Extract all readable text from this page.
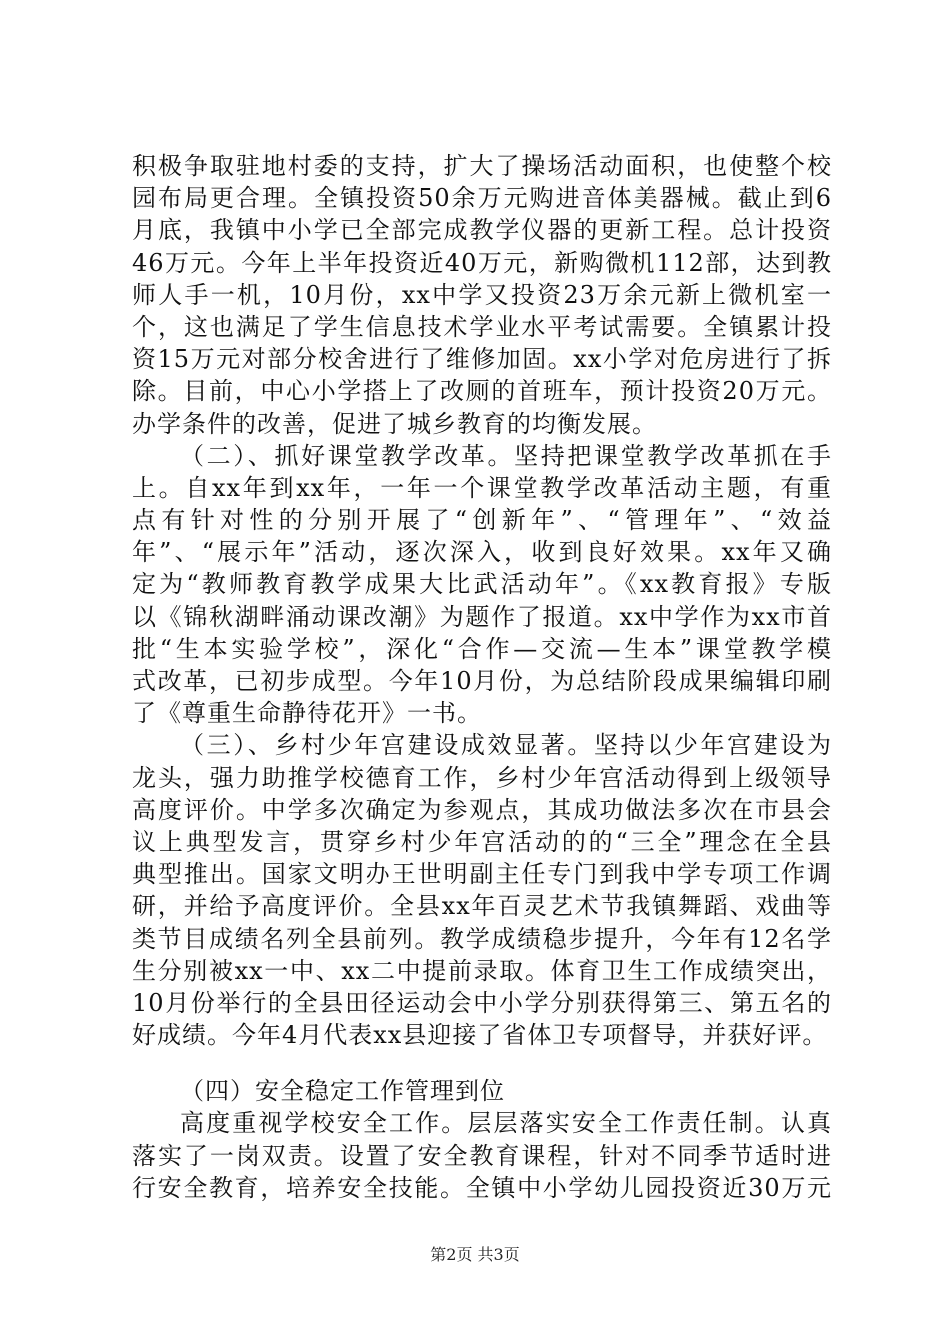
积极争取驻地村委的支持，扩大了操场活动面积，也使整个校
园布局更合理。全镇投资50余万元购进音体美器械。截止到6
月底，我镇中小学已全部完成教学仪器的更新工程。总计投资
46万元。今年上半年投资近40万元，新购微机112部，达到教
师人手一机，10月份，xx中学又投资23万余元新上微机室一
个，这也满足了学生信息技术学业水平考试需要。全镇累计投
资15万元对部分校舍进行了维修加固。xx小学对危房进行了拆
除。目前，中心小学搭上了改厕的首班车，预计投资20万元。
办学条件的改善，促进了城乡教育的均衡发展。
（二）、抓好课堂教学改革。坚持把课堂教学改革抓在手
上。自xx年到xx年，一年一个课堂教学改革活动主题，有重
点有针对性的分别开展了“创新年”、“管理年”、“效益
年”、“展示年”活动，逐次深入，收到良好效果。xx年又确
定为“教师教育教学成果大比武活动年”。《xx教育报》专版
以《锦秋湖畔涌动课改潮》为题作了报道。xx中学作为xx市首
批“生本实验学校”，深化“合作—交流—生本”课堂教学模
式改革，已初步成型。今年10月份，为总结阶段成果编辑印刷
了《尊重生命静待花开》一书。
（三）、乡村少年宫建设成效显著。坚持以少年宫建设为
龙头，强力助推学校德育工作，乡村少年宫活动得到上级领导
高度评价。中学多次确定为参观点，其成功做法多次在市县会
议上典型发言，贯穿乡村少年宫活动的的“三全”理念在全县
典型推出。国家文明办王世明副主任专门到我中学专项工作调
研，并给予高度评价。全县xx年百灵艺术节我镇舞蹈、戏曲等
类节目成绩名列全县前列。教学成绩稳步提升，今年有12名学
生分别被xx一中、xx二中提前录取。体育卫生工作成绩突出，
10月份举行的全县田径运动会中小学分别获得第三、第五名的
好成绩。今年4月代表xx县迎接了省体卫专项督导，并获好评。
（四）安全稳定工作管理到位
高度重视学校安全工作。层层落实安全工作责任制。认真
落实了一岗双责。设置了安全教育课程，针对不同季节适时进
行安全教育，培养安全技能。全镇中小学幼儿园投资近30万元
第2页 共3页
